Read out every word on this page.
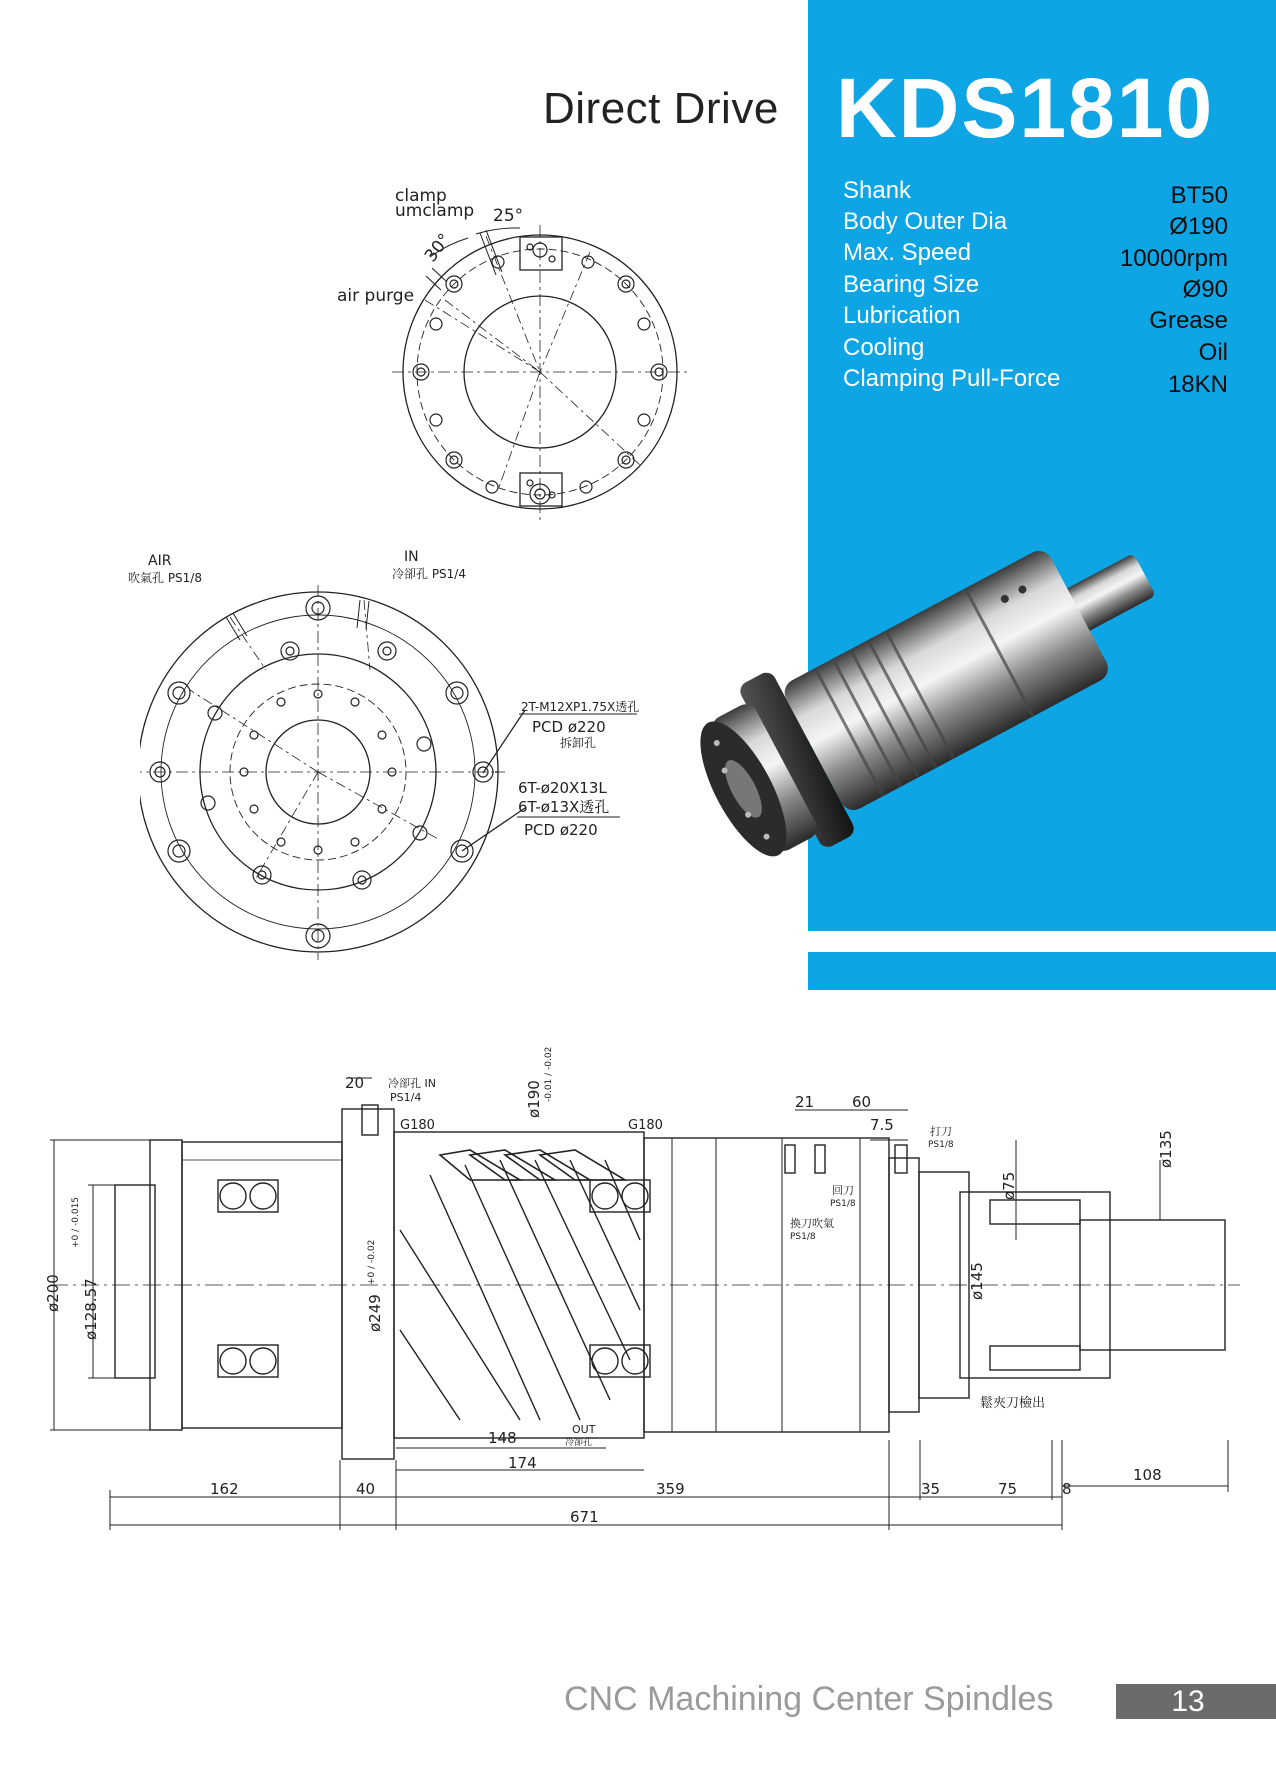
Direct Drive KDS1810
Shank	BT50
Body Outer Dia	Ø190
Max. Speed	10000rpm
Bearing Size	Ø90
Lubrication	Grease
Cooling	Oil
Clamping Pull-Force	18KN
clamp
umclamp 25°
30°
air purge
AIR
吹氣孔 PS1/8
IN
冷卻孔 PS1/4
2T-M12XP1.75X透孔
PCD ø220
拆卸孔
6T-ø20X13L
6T-ø13X透孔
PCD ø220
20 冷卻孔 IN
PS1/4	ø190 -0.01 / -0.02
G180	G180
21	60
7.5	打刀
PS1/8
ø75
ø135
回刀
PS1/8
換刀吹氣
PS1/8
ø200 ø128.57
+0 / -0.015
ø249
+0 / -0.02	ø145
鬆夾刀檢出
148	OUT
冷卻孔
174
162	40	359	35	75	8
108
671
CNC Machining Center Spindles	13
